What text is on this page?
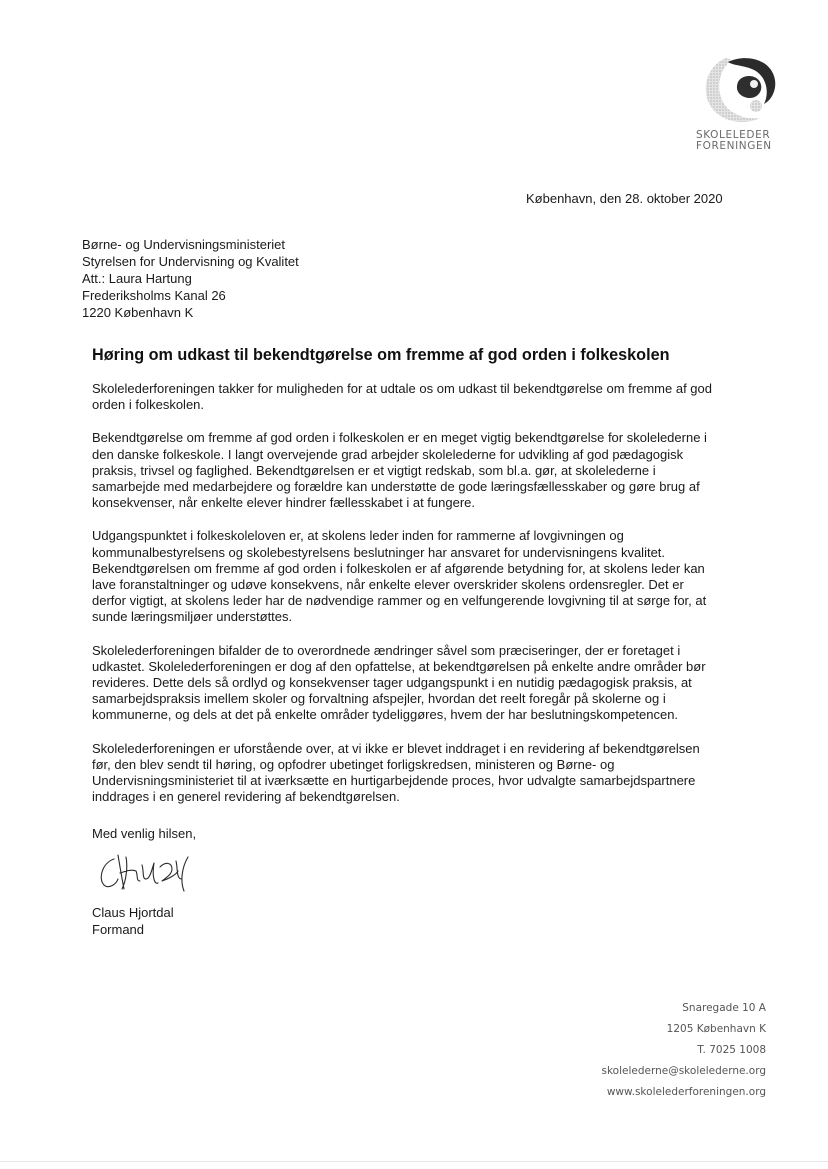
SKOLELEDER
FORENINGEN
København, den 28. oktober 2020
Børne- og Undervisningsministeriet
Styrelsen for Undervisning og Kvalitet
Att.: Laura Hartung
Frederiksholms Kanal 26
1220 København K
Høring om udkast til bekendtgørelse om fremme af god orden i folkeskolen
Skolelederforeningen takker for muligheden for at udtale os om udkast til bekendtgørelse om fremme af god
orden i folkeskolen.
Bekendtgørelse om fremme af god orden i folkeskolen er en meget vigtig bekendtgørelse for skolelederne i
den danske folkeskole. I langt overvejende grad arbejder skolelederne for udvikling af god pædagogisk
praksis, trivsel og faglighed. Bekendtgørelsen er et vigtigt redskab, som bl.a. gør, at skolelederne i
samarbejde med medarbejdere og forældre kan understøtte de gode læringsfællesskaber og gøre brug af
konsekvenser, når enkelte elever hindrer fællesskabet i at fungere.
Udgangspunktet i folkeskoleloven er, at skolens leder inden for rammerne af lovgivningen og
kommunalbestyrelsens og skolebestyrelsens beslutninger har ansvaret for undervisningens kvalitet.
Bekendtgørelsen om fremme af god orden i folkeskolen er af afgørende betydning for, at skolens leder kan
lave foranstaltninger og udøve konsekvens, når enkelte elever overskrider skolens ordensregler. Det er
derfor vigtigt, at skolens leder har de nødvendige rammer og en velfungerende lovgivning til at sørge for, at
sunde læringsmiljøer understøttes.
Skolelederforeningen bifalder de to overordnede ændringer såvel som præciseringer, der er foretaget i
udkastet. Skolelederforeningen er dog af den opfattelse, at bekendtgørelsen på enkelte andre områder bør
revideres. Dette dels så ordlyd og konsekvenser tager udgangspunkt i en nutidig pædagogisk praksis, at
samarbejdspraksis imellem skoler og forvaltning afspejler, hvordan det reelt foregår på skolerne og i
kommunerne, og dels at det på enkelte områder tydeliggøres, hvem der har beslutningskompetencen.
Skolelederforeningen er uforstående over, at vi ikke er blevet inddraget i en revidering af bekendtgørelsen
før, den blev sendt til høring, og opfodrer ubetinget forligskredsen, ministeren og Børne- og
Undervisningsministeriet til at iværksætte en hurtigarbejdende proces, hvor udvalgte samarbejdspartnere
inddrages i en generel revidering af bekendtgørelsen.
Med venlig hilsen,
Claus Hjortdal
Formand
Snaregade 10 A
1205 København K
T. 7025 1008
skolelederne@skolelederne.org
www.skolelederforeningen.org
